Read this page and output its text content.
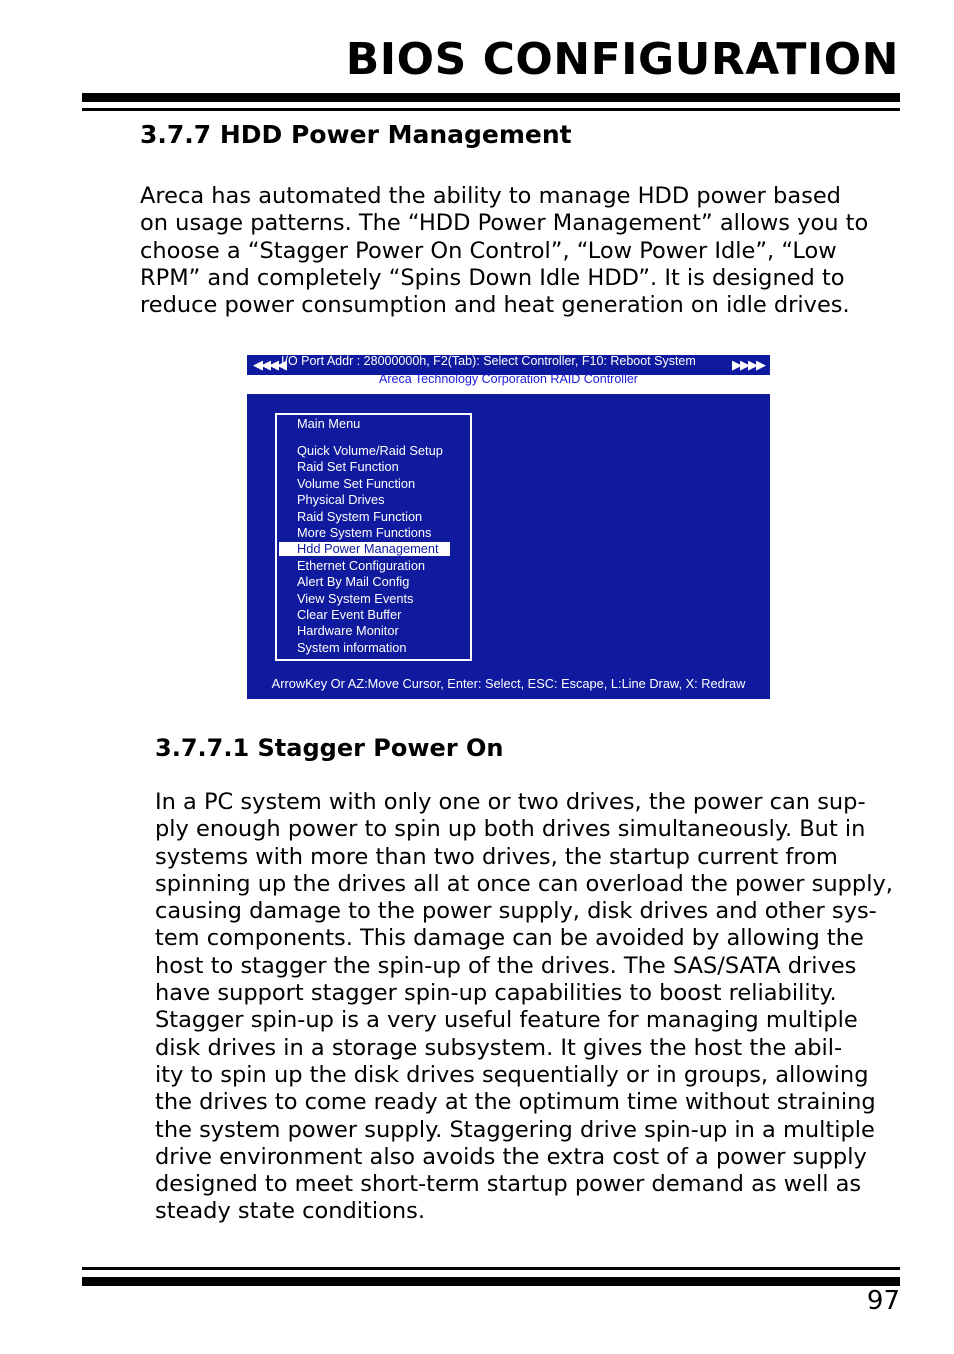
BIOS CONFIGURATION
3.7.7 HDD Power Management
Areca has automated the ability to manage HDD power based
on usage patterns. The “HDD Power Management” allows you to
choose a “Stagger Power On Control”, “Low Power Idle”, “Low
RPM” and completely “Spins Down Idle HDD”. It is designed to
reduce power consumption and heat generation on idle drives.
◀◀◀◀
I/O Port Addr : 28000000h, F2(Tab): Select Controller, F10: Reboot System	▶▶▶▶
Areca Technology Corporation RAID Controller
ArrowKey Or AZ:Move Cursor, Enter: Select, ESC: Escape, L:Line Draw, X: Redraw
Main Menu
Quick Volume/Raid Setup
Raid Set Function
Volume Set Function
Physical Drives
Raid System Function
More System Functions
Hdd Power Management
Ethernet Configuration
Alert By Mail Config
View System Events
Clear Event Buffer
Hardware Monitor
System information
3.7.7.1 Stagger Power On
In a PC system with only one or two drives, the power can sup-
ply enough power to spin up both drives simultaneously. But in
systems with more than two drives, the startup current from
spinning up the drives all at once can overload the power supply,
causing damage to the power supply, disk drives and other sys-
tem components. This damage can be avoided by allowing the
host to stagger the spin-up of the drives. The SAS/SATA drives
have support stagger spin-up capabilities to boost reliability.
Stagger spin-up is a very useful feature for managing multiple
disk drives in a storage subsystem. It gives the host the abil-
ity to spin up the disk drives sequentially or in groups, allowing
the drives to come ready at the optimum time without straining
the system power supply. Staggering drive spin-up in a multiple
drive environment also avoids the extra cost of a power supply
designed to meet short-term startup power demand as well as
steady state conditions.
97
